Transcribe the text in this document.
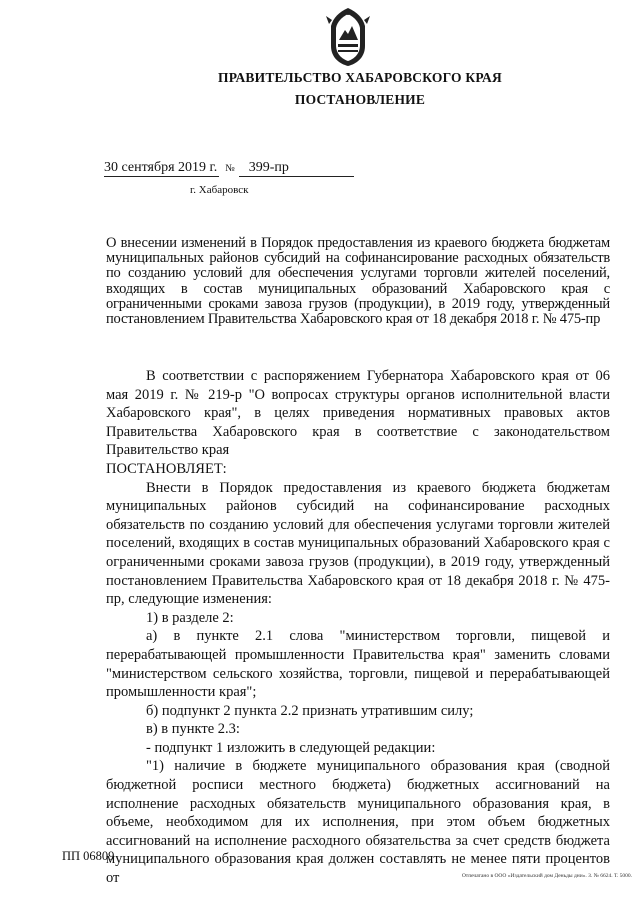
ПРАВИТЕЛЬСТВО ХАБАРОВСКОГО КРАЯ
ПОСТАНОВЛЕНИЕ
30 сентября 2019 г. № 399-пр
г. Хабаровск
О внесении изменений в Порядок предоставления из краевого бюджета бюджетам муниципальных районов субсидий на софинансирование расходных обязательств по созданию условий для обеспечения услугами торговли жителей поселений, входящих в состав муниципальных образований Хабаровского края с ограниченными сроками завоза грузов (продукции), в 2019 году, утвержденный постановлением Правительства Хабаровского края от 18 декабря 2018 г. № 475-пр

В соответствии с распоряжением Губернатора Хабаровского края от 06 мая 2019 г. № 219-р "О вопросах структуры органов исполнительной власти Хабаровского края", в целях приведения нормативных правовых актов Правительства Хабаровского края в соответствие с законодательством Правительство края

ПОСТАНОВЛЯЕТ:

Внести в Порядок предоставления из краевого бюджета бюджетам муниципальных районов субсидий на софинансирование расходных обязательств по созданию условий для обеспечения услугами торговли жителей поселений, входящих в состав муниципальных образований Хабаровского края с ограниченными сроками завоза грузов (продукции), в 2019 году, утвержденный постановлением Правительства Хабаровского края от 18 декабря 2018 г. № 475-пр, следующие изменения:

1) в разделе 2:

а) в пункте 2.1 слова "министерством торговли, пищевой и перерабатывающей промышленности Правительства края" заменить словами "министерством сельского хозяйства, торговли, пищевой и перерабатывающей промышленности края";

б) подпункт 2 пункта 2.2 признать утратившим силу;

в) в пункте 2.3:

- подпункт 1 изложить в следующей редакции:

"1) наличие в бюджете муниципального образования края (сводной бюджетной росписи местного бюджета) бюджетных ассигнований на исполнение расходных обязательств муниципального образования края, в объеме, необходимом для их исполнения, при этом объем бюджетных ассигнований на исполнение расходного обязательства за счет средств бюджета муниципального образования края должен составлять не менее пяти процентов от

ПП 06809
Отпечатано в ООО «Издательский дом Деньды дни». З. № 6624. Т. 5000.
